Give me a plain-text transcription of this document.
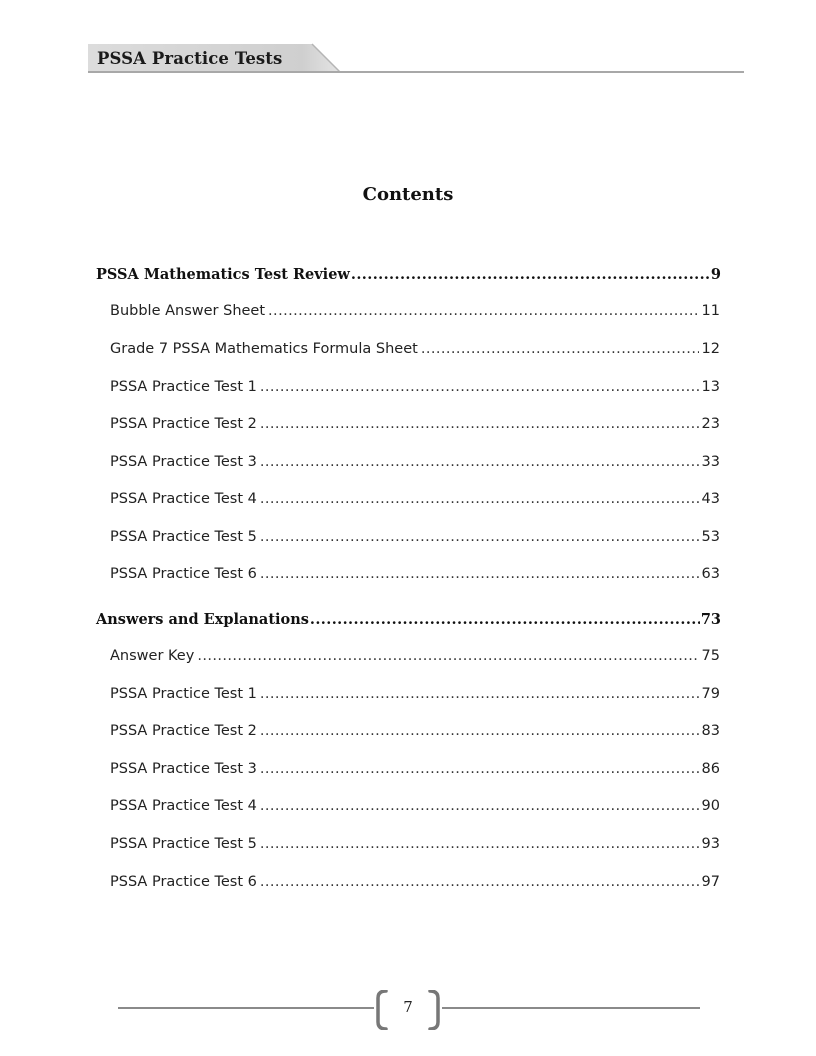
PSSA Practice Tests
Contents
PSSA Mathematics Test Review .....	9
Bubble Answer Sheet .....	11
Grade 7 PSSA Mathematics Formula Sheet .....	12
PSSA Practice Test 1 .....	13
PSSA Practice Test 2 .....	23
PSSA Practice Test 3 .....	33
PSSA Practice Test 4 .....	43
PSSA Practice Test 5 .....	53
PSSA Practice Test 6 .....	63
Answers and Explanations .....	73
Answer Key .....	75
PSSA Practice Test 1 .....	79
PSSA Practice Test 2 .....	83
PSSA Practice Test 3 .....	86
PSSA Practice Test 4 .....	90
PSSA Practice Test 5 .....	93
PSSA Practice Test 6 .....	97
7
